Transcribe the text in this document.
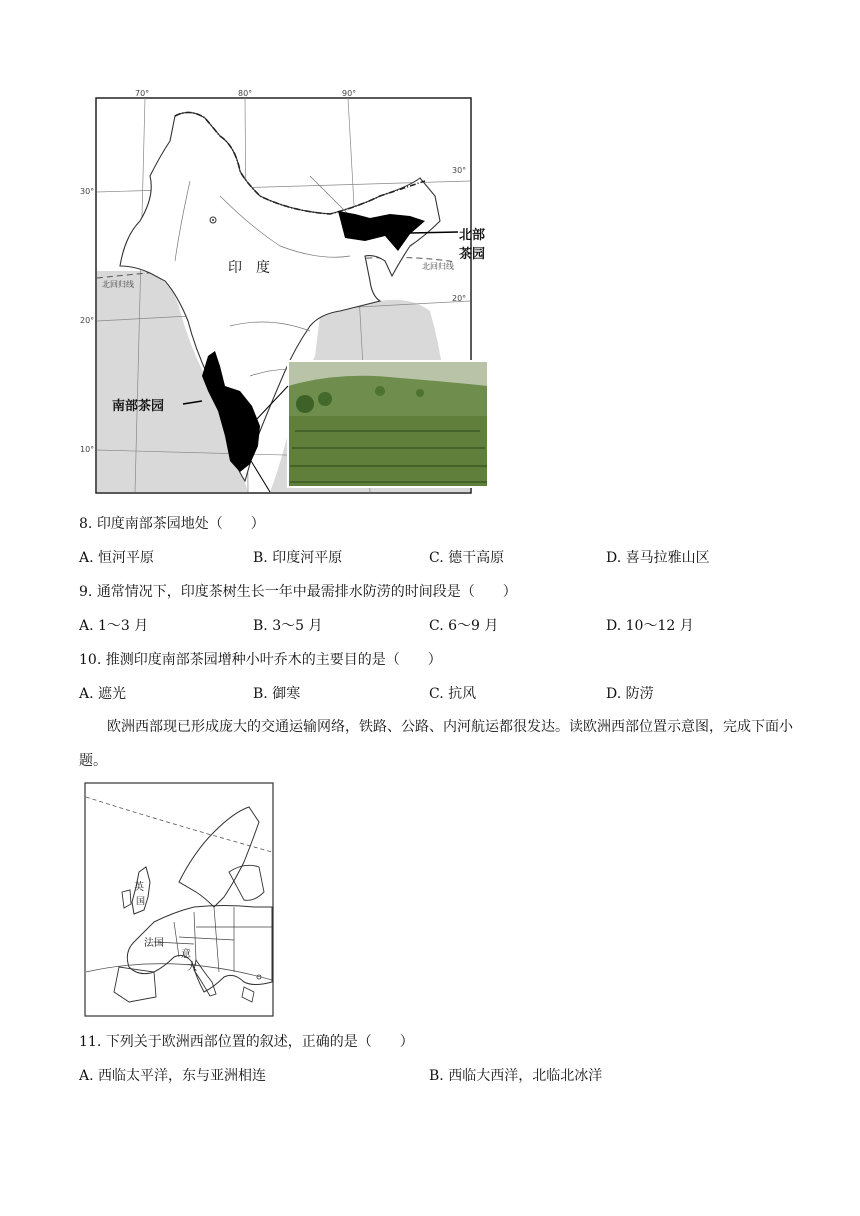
70°	80°	90°
30°
20°
10°
30°
20°
印　度
北回归线
北回归线
北部茶园
南部茶园
8. 印度南部茶园地处（　　）
A. 恒河平原	B. 印度河平原	C. 德干高原	D. 喜马拉雅山区
9. 通常情况下，印度茶树生长一年中最需排水防涝的时间段是（　　）
A. 1～3 月	B. 3～5 月	C. 6～9 月	D. 10～12 月
10. 推测印度南部茶园增种小叶乔木的主要目的是（　　）
A. 遮光	B. 御寒	C. 抗风	D. 防涝
欧洲西部现已形成庞大的交通运输网络，铁路、公路、内河航运都很发达。读欧洲西部位置示意图，完成下面小题。
英
国
法国
意
大
11. 下列关于欧洲西部位置的叙述，正确的是（　　）
A. 西临太平洋，东与亚洲相连	B. 西临大西洋，北临北冰洋
